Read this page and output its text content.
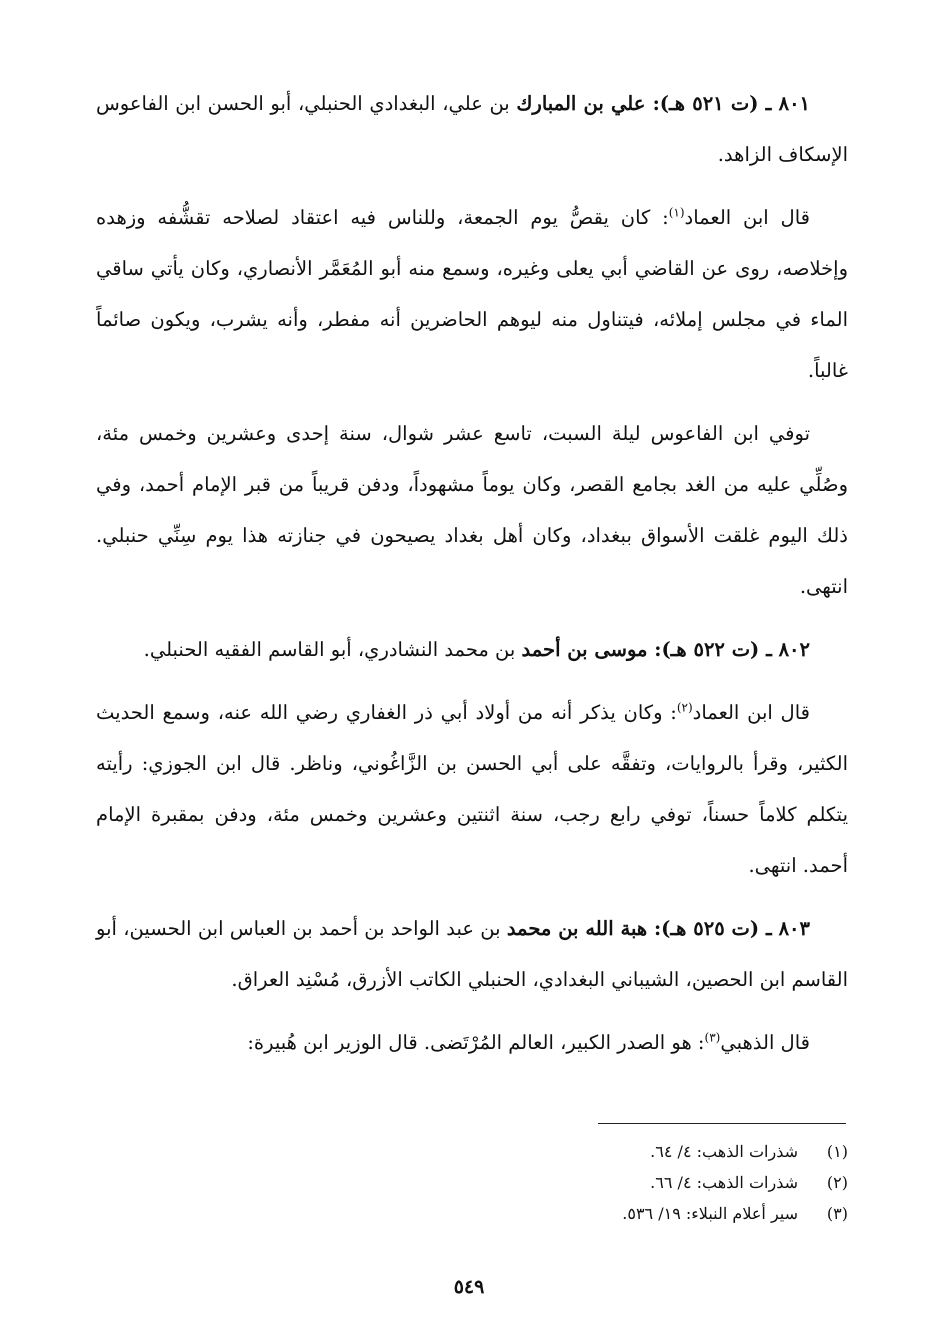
٨٠١ ـ (ت ٥٢١ هـ): علي بن المبارك بن علي، البغدادي الحنبلي، أبو الحسن ابن الفاعوس الإسكاف الزاهد.

قال ابن العماد$^{(١)}$: كان يقصُّ يوم الجمعة، وللناس فيه اعتقاد لصلاحه تقشُّفه وزهده وإخلاصه، روى عن القاضي أبي يعلى وغيره، وسمع منه أبو المُعَمَّر الأنصاري، وكان يأتي ساقي الماء في مجلس إملائه، فيتناول منه ليوهم الحاضرين أنه مفطر، وأنه يشرب، ويكون صائماً غالباً.

توفي ابن الفاعوس ليلة السبت، تاسع عشر شوال، سنة إحدى وعشرين وخمس مئة، وصُلِّي عليه من الغد بجامع القصر، وكان يوماً مشهوداً، ودفن قريباً من قبر الإمام أحمد، وفي ذلك اليوم غلقت الأسواق ببغداد، وكان أهل بغداد يصيحون في جنازته هذا يوم سِنِّي حنبلي. انتهى.

٨٠٢ ـ (ت ٥٢٢ هـ): موسى بن أحمد بن محمد النشادري، أبو القاسم الفقيه الحنبلي.

قال ابن العماد$^{(٢)}$: وكان يذكر أنه من أولاد أبي ذر الغفاري رضي الله عنه، وسمع الحديث الكثير، وقرأ بالروايات، وتفقَّه على أبي الحسن بن الزَّاغُوني، وناظر. قال ابن الجوزي: رأيته يتكلم كلاماً حسناً، توفي رابع رجب، سنة اثنتين وعشرين وخمس مئة، ودفن بمقبرة الإمام أحمد. انتهى.

٨٠٣ ـ (ت ٥٢٥ هـ): هبة الله بن محمد بن عبد الواحد بن أحمد بن العباس ابن الحسين، أبو القاسم ابن الحصين، الشيباني البغدادي، الحنبلي الكاتب الأزرق، مُسْنِد العراق.

قال الذهبي$^{(٣)}$: هو الصدر الكبير، العالم المُرْتَضى. قال الوزير ابن هُبيرة:

(١)شذرات الذهب: ٤/ ٦٤.

(٢)شذرات الذهب: ٤/ ٦٦.

(٣)سير أعلام النبلاء: ١٩/ ٥٣٦.

٥٤٩
